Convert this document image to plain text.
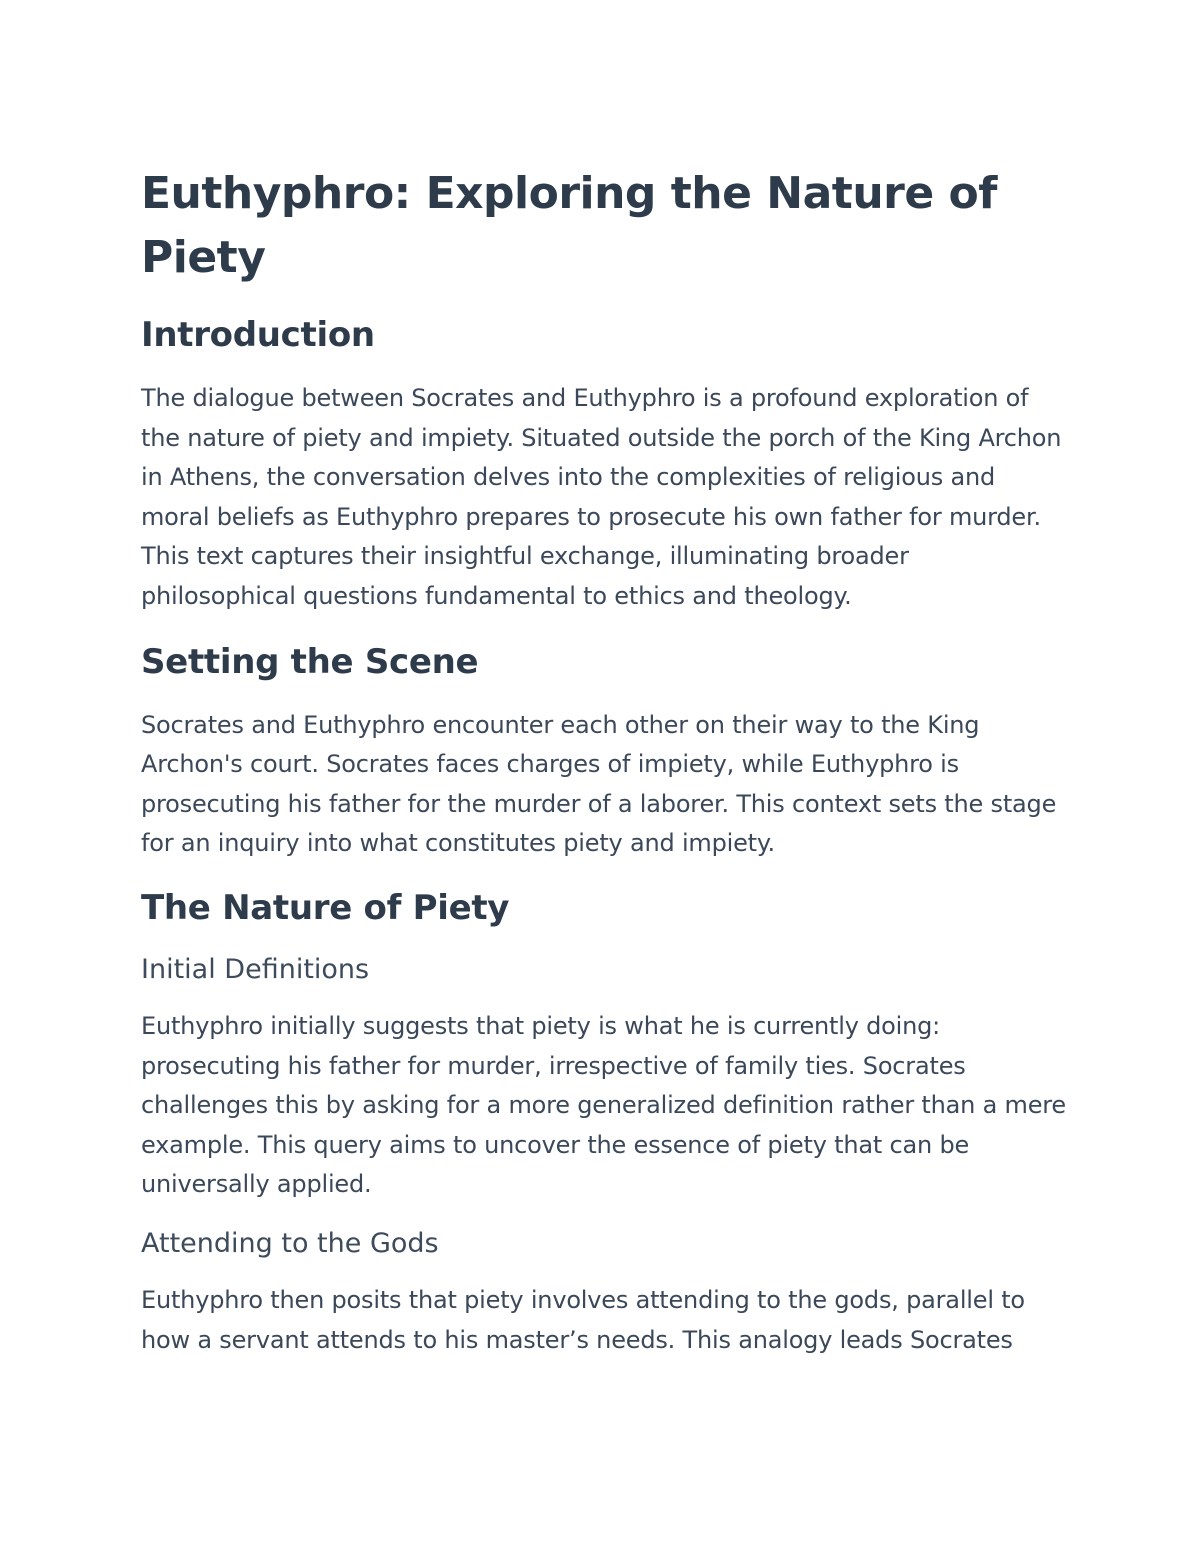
Euthyphro: Exploring the Nature of Piety
Introduction

The dialogue between Socrates and Euthyphro is a profound exploration of the nature of piety and impiety. Situated outside the porch of the King Archon in Athens, the conversation delves into the complexities of religious and moral beliefs as Euthyphro prepares to prosecute his own father for murder. This text captures their insightful exchange, illuminating broader philosophical questions fundamental to ethics and theology.

Setting the Scene

Socrates and Euthyphro encounter each other on their way to the King Archon's court. Socrates faces charges of impiety, while Euthyphro is prosecuting his father for the murder of a laborer. This context sets the stage for an inquiry into what constitutes piety and impiety.

The Nature of Piety
Initial Definitions

Euthyphro initially suggests that piety is what he is currently doing: prosecuting his father for murder, irrespective of family ties. Socrates challenges this by asking for a more generalized definition rather than a mere example. This query aims to uncover the essence of piety that can be universally applied.

Attending to the Gods

Euthyphro then posits that piety involves attending to the gods, parallel to how a servant attends to his master’s needs. This analogy leads Socrates
